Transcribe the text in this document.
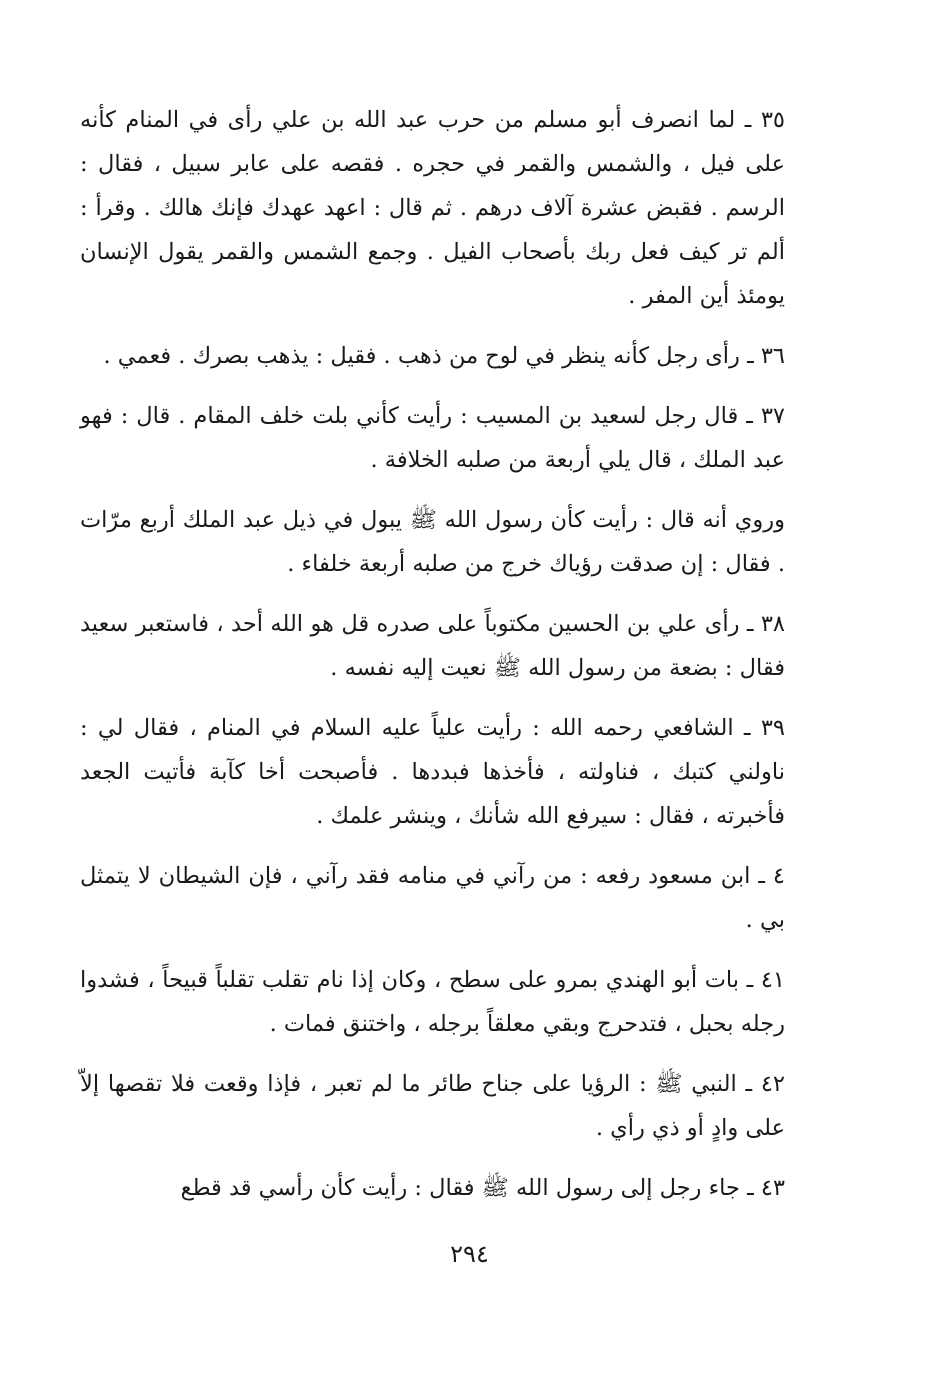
٣٥ ـ لما انصرف أبو مسلم من حرب عبد الله بن علي رأى في المنام كأنه على فيل ، والشمس والقمر في حجره . فقصه على عابر سبيل ، فقال : الرسم . فقبض عشرة آلاف درهم . ثم قال : اعهد عهدك فإنك هالك . وقرأ : ألم تر كيف فعل ربك بأصحاب الفيل . وجمع الشمس والقمر يقول الإنسان يومئذ أين المفر .

٣٦ ـ رأى رجل كأنه ينظر في لوح من ذهب . فقيل : يذهب بصرك . فعمي .

٣٧ ـ قال رجل لسعيد بن المسيب : رأيت كأني بلت خلف المقام . قال : فهو عبد الملك ، قال يلي أربعة من صلبه الخلافة .

وروي أنه قال : رأيت كأن رسول الله ﷺ يبول في ذيل عبد الملك أربع مرّات . فقال : إن صدقت رؤياك خرج من صلبه أربعة خلفاء .

٣٨ ـ رأى علي بن الحسين مكتوباً على صدره قل هو الله أحد ، فاستعبر سعيد فقال : بضعة من رسول الله ﷺ نعيت إليه نفسه .

٣٩ ـ الشافعي رحمه الله : رأيت علياً عليه السلام في المنام ، فقال لي : ناولني كتبك ، فناولته ، فأخذها فبددها . فأصبحت أخا كآبة فأتيت الجعد فأخبرته ، فقال : سيرفع الله شأنك ، وينشر علمك .

٤ ـ ابن مسعود رفعه : من رآني في منامه فقد رآني ، فإن الشيطان لا يتمثل بي .

٤١ ـ بات أبو الهندي بمرو على سطح ، وكان إذا نام تقلب تقلباً قبيحاً ، فشدوا رجله بحبل ، فتدحرج وبقي معلقاً برجله ، واختنق فمات .

٤٢ ـ النبي ﷺ : الرؤيا على جناح طائر ما لم تعبر ، فإذا وقعت فلا تقصها إلاّ على وادٍ أو ذي رأي .

٤٣ ـ جاء رجل إلى رسول الله ﷺ فقال : رأيت كأن رأسي قد قطع

٢٩٤
